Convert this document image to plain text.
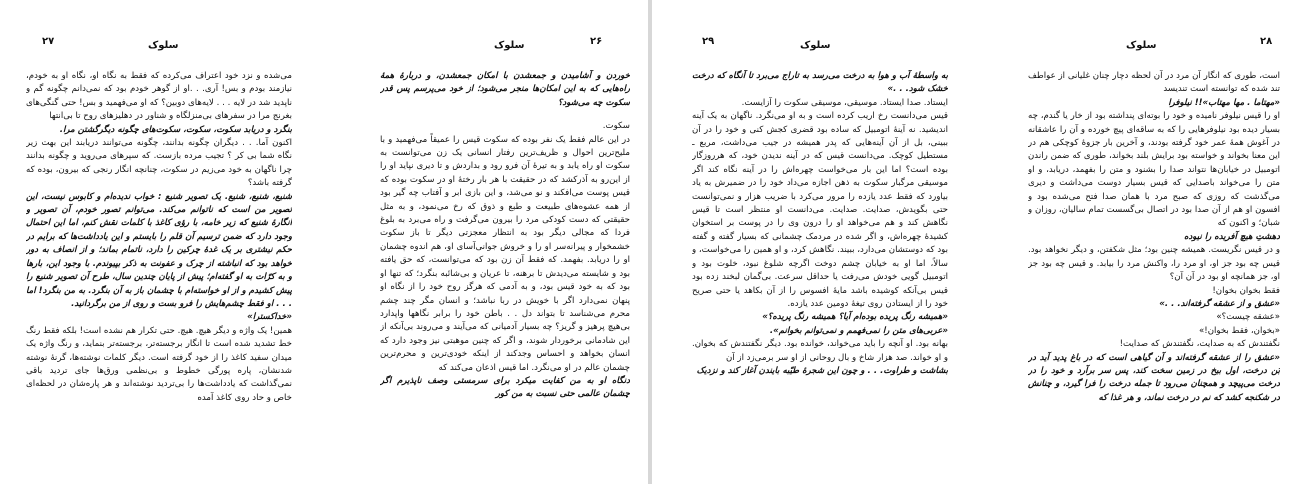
۲۷	سلوک

می‌شده و نزد خود اعتراف می‌کرده که فقط به نگاه او، نگاه او به خودم، نیازمند بودم و بس! آری. . .او از گوهر خودم بود که نمی‌دانم چگونه گم و ناپدید شد در لایه . . . لایه‌های دوبین؟ که او می‌فهمید و بس! حتی گنگی‌های بغرنج مرا در سفرهای بی‌منزلگاه و شناور در دهلیزهای روح تا بی‌انتها

بنگرد و دریابد سکوت، سکوت، سکوت‌های چگونه دیگرگشتن مرا.

اکنون آما. . . دیگران چگونه بدانند، چگونه می‌توانند دریابند این بهت زیر نگاه شما بی کر ؟ تجیب مرده بازست. که سپرهای می‌روید و چگونه بدانند چرا ناگهان به خود می‌زیم در سکوت، چنانچه انگار رنجی که بیرون، بوده که گرفته باشد؟

شنیع، شنیع، شنیع. یک تصویر شنیع : خواب ندیده‌ام و کابوس نیست، این تصویر من است که ناتوانم می‌کند. می‌توانم تصور خودم، آن تصویر و انگارهٔ شنیع که زیر خامه، با رؤی کاغذ با کلمات نقش کنم، اما این احتمال وجود دارد که ضمن ترسیم آن قلم را بایستم و این یادداشت‌ها که برایم در حکم نیشتری بر یک غدهٔ چرکین را دارد، ناتمام بماند؛ و از انصاف به دور خواهد بود که انباشته از چرک و عفونت به ذکر بپیوندم. با وجود این، بارها و به کرّات به او گفته‌ام؛ پیش از پایان چندین سال، طرح آن تصویر شنیع را پیش کشیدم و از او خواسته‌ام با چشمان باز به آن بنگرد. به من بنگرد! اما . . . او فقط چشم‌هایش را فرو بست و روی از من برگردانید.

«خداکسترا»

همین! یک واژه و دیگر هیچ. هیچ. حتی تکرار هم نشده است! بلکه فقط رنگ خط تشدید شده است تا انگار برجسته‌تر، برجسته‌تر بنماید، و رنگ واژه یک میدان سفید کاغذ را از خود گرفته است. دیگر کلمات نوشته‌ها، گرنهٔ نوشته شدنشان، پاره پورگی خطوط و بی‌نظمی ورق‌ها جای تردید باقی نمی‌گذاشت که یادداشت‌ها را بی‌تردید نوشته‌اند و هر پاره‌شان در لحظه‌ای خاص و حاد روی کاغذ آمده

۲۶
سلوک

خوردن و آشامیدن و جمعشدن با امکان جمعشدن، و دربارهٔ همهٔ راه‌هایی که به این امکان‌ها منجر می‌شود؛ از خود می‌پرسم پس قدر سکوت چه می‌شود؟

سکوت.

در این عالم فقط یک نفر بوده که سکوت قیس را عمیقاً می‌فهمید و با ملیح‌ترین احوال و ظریف‌ترین رفتار انسانی یک زن می‌توانست به سکوت او راه یابد و به تیرهٔ آن فرو رود و بداردش و تا دیری نپاید او را از این‌رو به آذرکشد که در حقیقت با هر بار رختهٔ او در سکوت بوده که قیس پوست می‌افکند و نو می‌شد، و این بازی ابر و آفتاب چه گیر بود از همه عشوه‌های طبیعت و طبع و ذوق که رخ می‌نمود، و به مثل حقیقتی که دست کودکی مرد را بیرون می‌گرفت و راه می‌برد به بلوغ فردا که مجالی دیگر بود به انتظار معجزتی دیگر تا باز سکوت خشمخوار و پیرانه‌سر او را و خروش جوانی‌آسای او، هم اندوه چشمان او را دریابد. بفهمد. که فقط آن زن بود که می‌توانست، که حق یافته بود و شایسته می‌دیدش تا برهنه، تا عریان و بی‌شائبه بنگرد؛ که تنها او بود که به خود قیس بود، و به آدمی که هرگز روح خود را از نگاه او پنهان نمی‌دارد اگر با خویش در ربا نباشد؛ و انسان مگر چند چشم محرم می‌شناسد تا بتواند دل . . باطن خود را برابر نگاهها واپدارد بی‌هیچ پرهیز و گریز؟ چه بسیار آدمیانی که می‌آیند و می‌روند بی‌آنکه از این شادمانی برخوردار شوند، و اگر که چنین موهبتی نیز وجود دارد که انسان بخواهد و احساس وجدکند از اینکه خودی‌ترین و محرم‌ترین چشمان عالم در او می‌نگرد. اما قیس اذعان می‌کند که

دنگاه او به من کفایت میکرد برای سرمستی وصف ناپذیرم اگر چشمان عالمی حتی نسبت به من کور

۲۹	سلوک

به واسطهٔ آب و هوا به درخت می‌رسد به تاراج می‌برد تا آنگاه که درخت خشک شود. . .»

ایستاد. صدا ایستاد. موسیقی، موسیقی سکوت را آزایست.

قیس می‌دانست رخ اریب کرده است و به او می‌نگرد. ناگهان به یک آینه اندیشید. نه آینهٔ اتومبیل که ساده بود قضری کجش کنی و خود را در آن ببینی، بل از آن آینه‌هایی که پدر همیشه در جیب می‌داشت، مربع ـ مستطیل کوچک. می‌دانست قیس که در آینه ندیدن خود، که هرروزگار بوده است؟ اما این بار می‌خواست چهره‌اش را در آینه نگاه کند اگر موسیقی مرگبار سکوت به ذهن اجازه می‌داد خود را در ضمیرش به یاد بیاورد که فقط عدد یازده را مرور می‌کرد با ضریب هزار و نمی‌توانست حتی بگویدش، صدایت. صدایت. می‌دانست او منتظر است تا قیس نگاهش کند و هم می‌خواهد او را درون وی را در پوست بر استخوان کشیدهٔ چهره‌اش، و اگر شده در مردمک چشمانی که بسیار گفته و گفته بود که دوستشان می‌دارد، ببیند. نگاهش کرد، و او همین را می‌خواست، و سالاً، اما او به خیابان چشم دوخت اگرچه شلوغ نبود، خلوت بود و اتومبیل گویی خودش می‌رفت یا حداقل سرعت. بی‌گمان لبخند زده بود قیس بی‌آنکه کوشیده باشد مایهٔ افسوس را از آن بکاهد یا حتی صریح خود را از ایستادن روی تیغهٔ دومین عدد یازده.

«همیشه رنگ پریده بوده‌ام آیا؟ همیشه رنگ پریده؟»

«عربی‌های متن را نمی‌فهمم و نمی‌توانم بخوانم».

بهانه بود. او آنچه را باید می‌خواند، خوانده بود. دیگر نگفتندش که بخوان. و او خواند. صد هزار شاخ و بال روحانی از او سر برمی‌زد از آن

بشاشت و طراوت. . . و چون این شجرهٔ طیّبه بایندن آغاز کند و نزدیک

۲۸
سلوک

است، طوری که انگار آن مرد در آن لحظه دچار چنان غلیانی از عواطف تند شده که توانسته است تندیسد

«مهتاما . مها مهتاب»!! نیلوفرا

او را قیس نیلوفر نامیده و خود را بوته‌ای پنداشته بود از خار یا گندم، چه بسیار دیده بود نیلوفرهایی را که به ساقه‌ای پیچ خورده و آن را عاشقانه در آغوش همهٔ عمر خود گرفته بودند، و آخرین بار جزوهٔ کوچکی هم در این معنا بخواند و خواسته بود برایش بلند بخواند، طوری که ضمن راندن اتومبیل در خیابان‌ها نتواند صدا را بشنود و متن را بفهمد، دریابد، و او متن را می‌خواند باصدایی که قیس بسیار دوست می‌داشت و دیری می‌گذشت که روزی که صبح مرد با همان صدا فتح می‌شده بود و افسون او هم از آن صدا بود در اتصال بی‌گسست تمام سالیان، روزان و شبان؛ و اکنون که

دهشتِ هیچ آفریده را نیوده

و در قیس نگریست. همیشه چنین بود؛ مثل شکفتن، و دیگر نخواهد بود. قیس چه بود جز او، او مرد را، واکنش مرد را بیابد. و قیس چه بود جز او، جز همانچه او بود در آن آن؟

فقط بخوان بخوان!

«عشق و از عشقه گرفته‌اند. . .»

«عشقه چیست؟»

«بخوان، فقط بخوان!»

نگفتندش که به صدایت، نگفتندش که صدایت!

«عشق را از عشقه گرفته‌اند و آن گیاهی است که در باغ پدید آید در بُن درخت، اول بیخ در زمین سخت کند، پس سر برآرد و خود را در درخت می‌پیچد و همچنان می‌رود تا جمله درخت را فرا گیرد، و چنانش در شکنجه کشد که نم در درخت نماند، و هر غذا که
